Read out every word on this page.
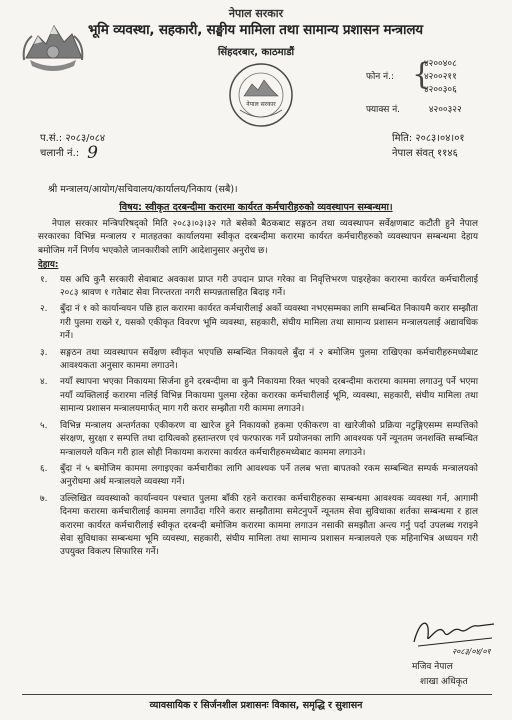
नेपाल सरकार
भूमि व्यवस्था, सहकारी, सङ्घीय मामिला तथा सामान्य प्रशासन मन्त्रालय
सिंहदरबार, काठमाडौं
नेपाल सरकार
फोन नं.: {
४२००४०८
४२००२११
४२००३०६
फ्याक्स नं.	४२००३२२
प.सं.: २०८३/०८४
चलानी नं.: 9
मिति: २०८३।०४।०१
नेपाल संवत् ११४६
श्री मन्त्रालय/आयोग/सचिवालय/कार्यालय/निकाय (सबै)।
विषय: स्वीकृत दरबन्दीमा करारमा कार्यरत कर्मचारीहरुको व्यवस्थापन सम्बन्धमा।

नेपाल सरकार मन्त्रिपरिषद्‌को मिति २०८३।०३।३२ गते बसेको बैठकबाट सङ्गठन तथा व्यवस्थापन सर्वेक्षणबाट कटौती हुने नेपाल सरकारका विभिन्न मन्त्रालय र मातहतका कार्यालयमा स्वीकृत दरबन्दीमा करारमा कार्यरत कर्मचारीहरुको व्यवस्थापन सम्बन्धमा देहाय बमोजिम गर्ने निर्णय भएकोले जानकारीको लागि आदेशानुसार अनुरोध छ।

देहाय:

१. यस अघि कुनै सरकारी सेवाबाट अवकाश प्राप्त गरी उपदान प्राप्त गरेका वा निवृत्तिभरण पाइरहेका करारमा कार्यरत कर्मचारीलाई २०८३ श्रावण १ गतेबाट सेवा निरन्तरता नगरी सम्पन्नतासहित बिदाइ गर्ने।
२. बुँदा नं १ को कार्यान्वयन पछि हाल करारमा कार्यरत कर्मचारीलाई अर्को व्यवस्था नभएसम्मका लागि सम्बन्धित निकायमै करार सम्झौता गरी पुलमा राख्ने र, यसको एकीकृत विवरण भूमि व्यवस्था, सहकारी, संघीय मामिला तथा सामान्य प्रशासन मन्त्रालयलाई अद्यावधिक गर्ने।
३. सङ्गठन तथा व्यवस्थापन सर्वेक्षण स्वीकृत भएपछि सम्बन्धित निकायले बुँदा नं २ बमोजिम पुलमा राखिएका कर्मचारीहरुमध्येबाट आवश्यकता अनुसार काममा लगाउने।
४. नयाँ स्थापना भएका निकायमा सिर्जना हुने दरबन्दीमा वा कुनै निकायमा रिक्त भएको दरबन्दीमा करारमा काममा लगाउनु पर्ने भएमा नयाँ व्यक्तिलाई करारमा नलिई विभिन्न निकायमा पुलमा रहेका करारका कर्मचारीलाई भूमि, व्यवस्था, सहकारी, संघीय मामिला तथा सामान्य प्रशासन मन्त्रालयमार्फत् माग गरी करार सम्झौता गरी काममा लगाउने।
५. विभिन्न मन्त्रालय अन्तर्गतका एकीकरण वा खारेज हुने निकायको हकमा एकीकरण वा खारेजीको प्रक्रिया नटुङ्गिएसम्म सम्पत्तिको संरक्षण, सुरक्षा र सम्पत्ति तथा दायित्वको हस्तान्तरण एवं फरफारक गर्ने प्रयोजनका लागि आवश्यक पर्ने न्यूनतम जनशक्ति सम्बन्धित मन्त्रालयले यकिन गरी हाल सोही निकायमा करारमा कार्यरत कर्मचारीहरुमध्येबाट काममा लगाउने।
६. बुँदा नं ५ बमोजिम काममा लगाइएका कर्मचारीका लागि आवश्यक पर्ने तलब भत्ता बापतको रकम सम्बन्धित सम्पर्क मन्त्रालयको अनुरोधमा अर्थ मन्त्रालयले व्यवस्था गर्ने।
७. उल्लिखित व्यवस्थाको कार्यान्वयन पश्चात पुलमा बाँकी रहने करारका कर्मचारीहरुका सम्बन्धमा आवश्यक व्यवस्था गर्न, आगामी दिनमा करारमा कर्मचारीलाई काममा लगाउँदा गरिने करार सम्झौतामा समेटनुपर्ने न्यूनतम सेवा सुविधाका शर्तका सम्बन्धमा र हाल करारमा कार्यरत कर्मचारीलाई स्वीकृत दरबन्दी बमोजिम करारमा काममा लगाउन नसाकी समझौता अन्त्य गर्नु पर्दा उपलब्ध गराइने सेवा सुविधाका सम्बन्धमा भूमि व्यवस्था, सहकारी, संघीय मामिला तथा सामान्य प्रशासन मन्त्रालयले एक महिनाभित्र अध्ययन गरी उपयुक्त विकल्प सिफारिस गर्ने।
२०८३/०४/०१
मजिव नेपाल
शाखा अधिकृत
व्यावसायिक र सिर्जनशील प्रशासनः विकास, समृद्धि र सुशासन
